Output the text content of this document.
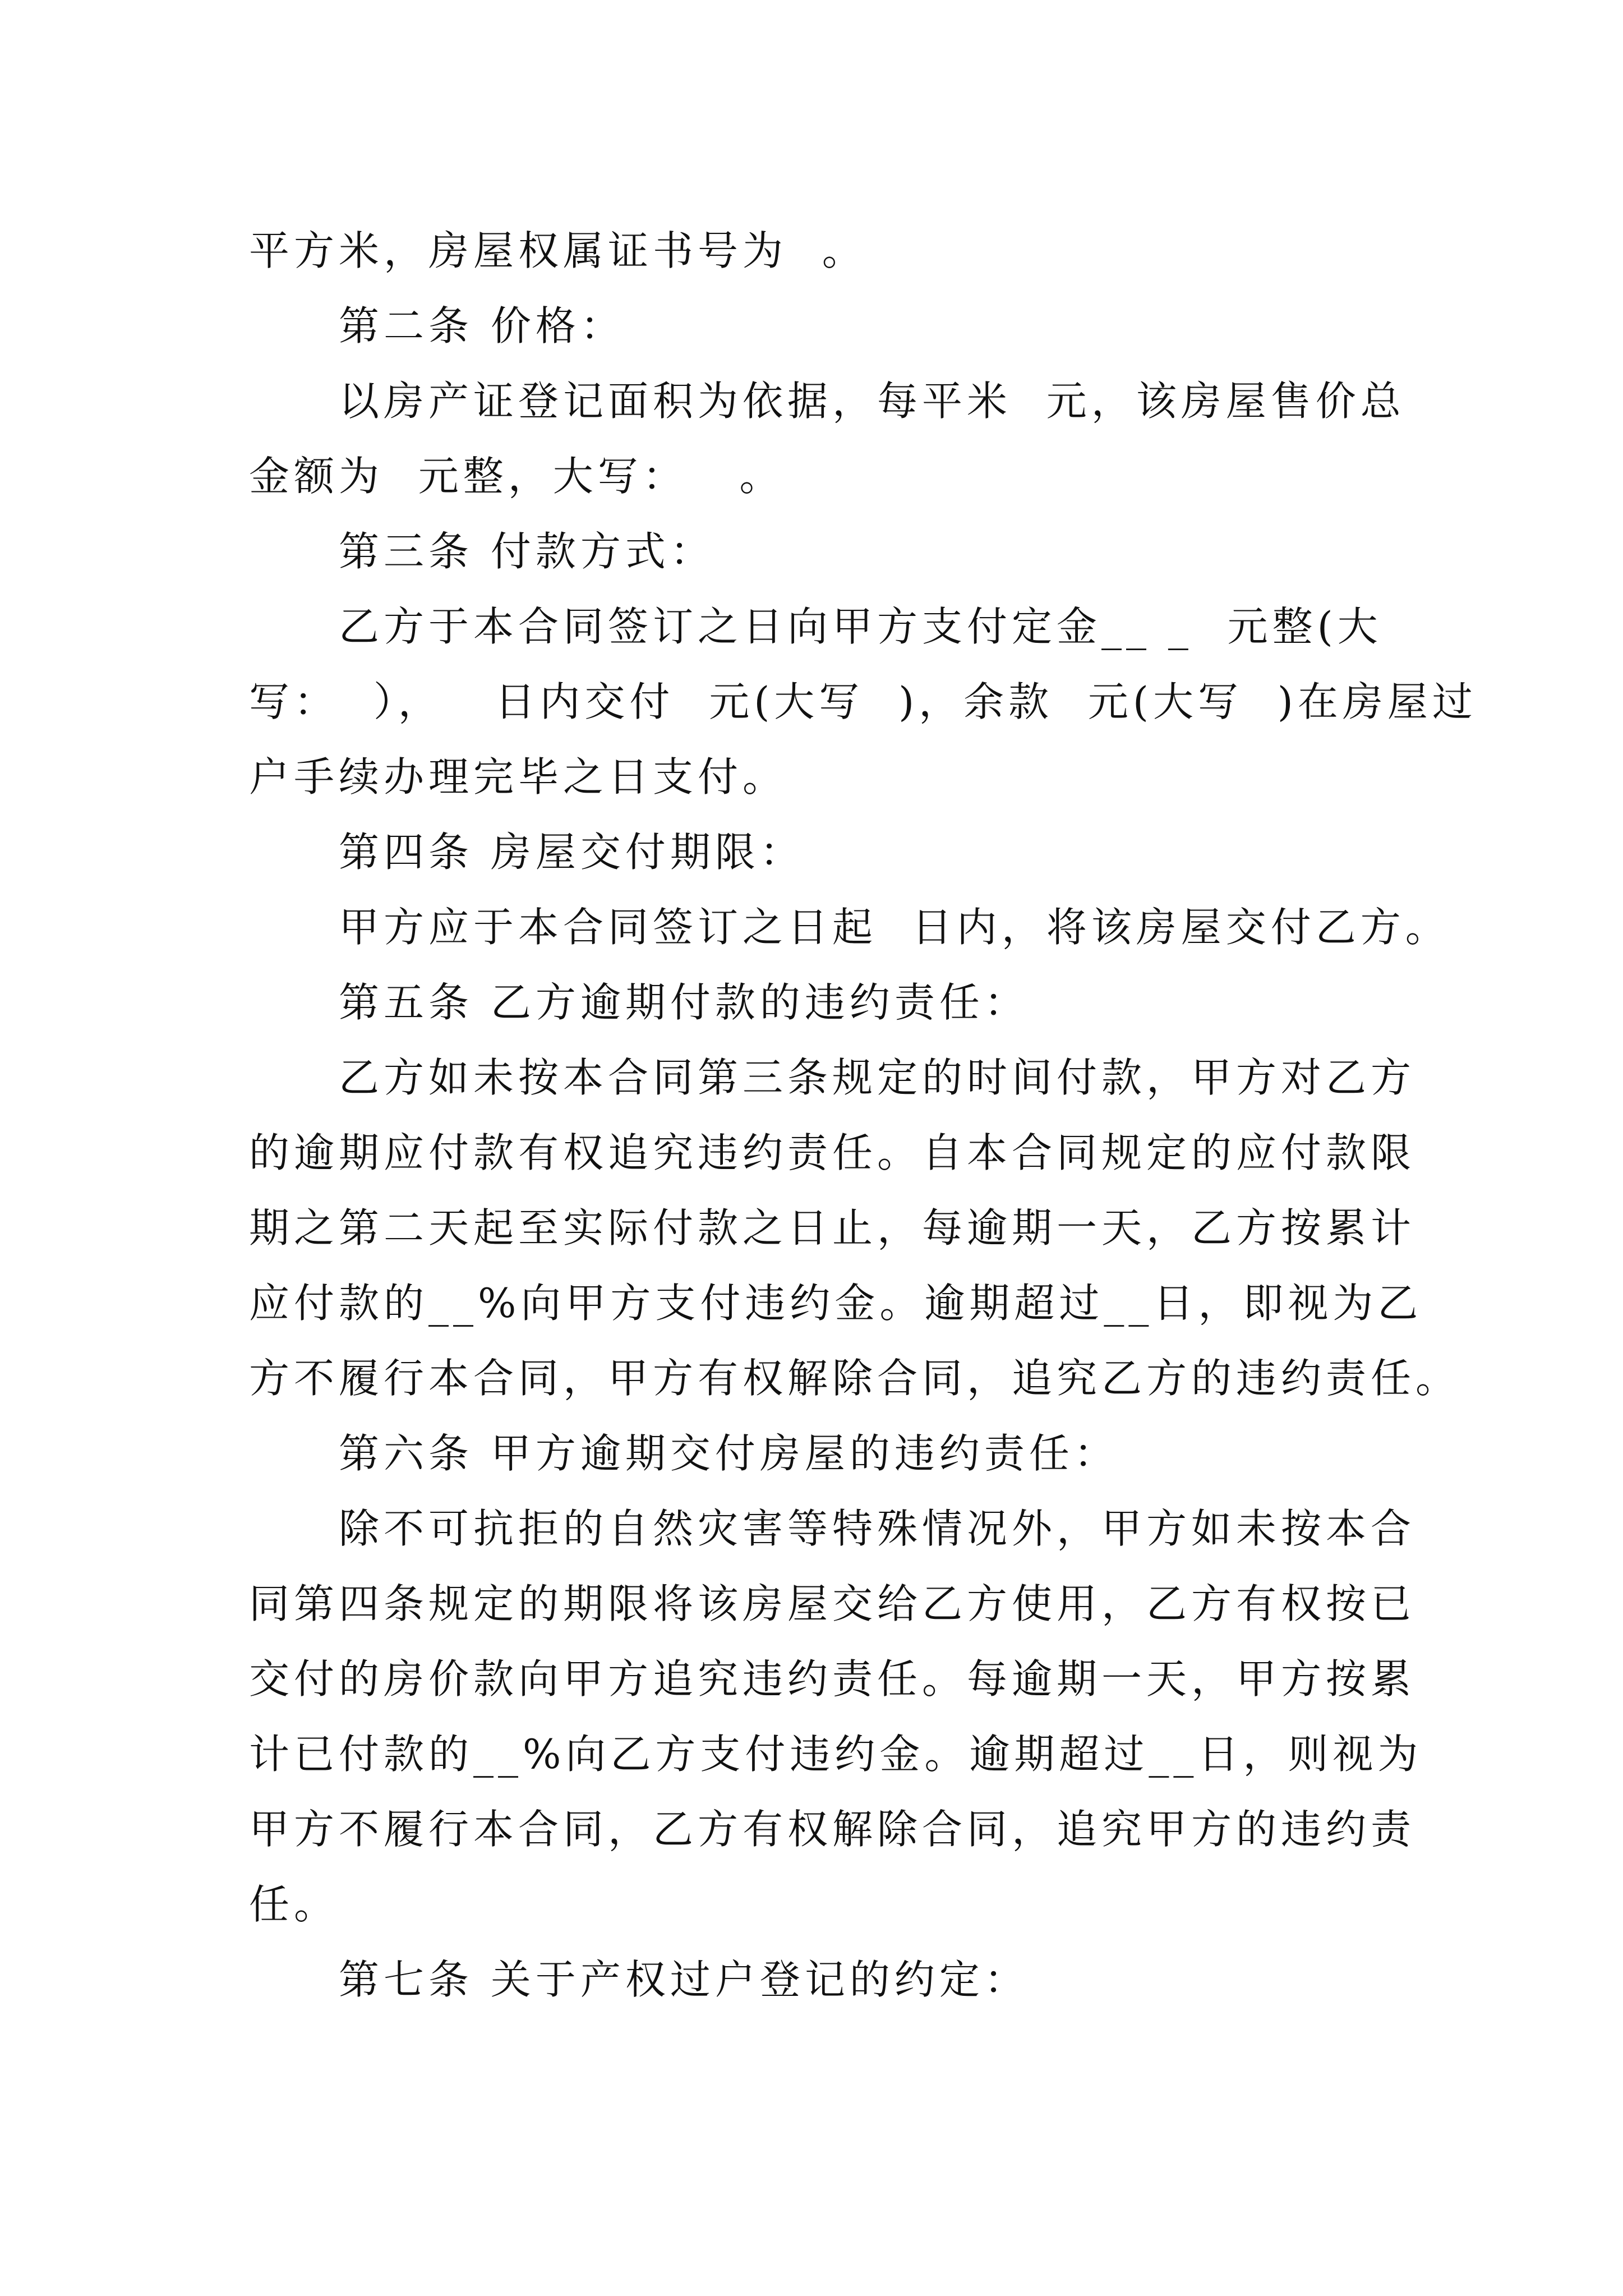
平方米，房屋权属证书号为  。
第二条 价格：
以房产证登记面积为依据，每平米  元，该房屋售价总
金额为  元整，大写：   。
第三条 付款方式：
乙方于本合同签订之日向甲方支付定金__ _  元整(大
写：  ），   日内交付  元(大写  )，余款  元(大写  )在房屋过
户手续办理完毕之日支付。
第四条 房屋交付期限：
甲方应于本合同签订之日起  日内，将该房屋交付乙方。
第五条 乙方逾期付款的违约责任：
乙方如未按本合同第三条规定的时间付款，甲方对乙方
的逾期应付款有权追究违约责任。自本合同规定的应付款限
期之第二天起至实际付款之日止，每逾期一天，乙方按累计
应付款的__%向甲方支付违约金。逾期超过__日，即视为乙
方不履行本合同，甲方有权解除合同，追究乙方的违约责任。
第六条 甲方逾期交付房屋的违约责任：
除不可抗拒的自然灾害等特殊情况外，甲方如未按本合
同第四条规定的期限将该房屋交给乙方使用，乙方有权按已
交付的房价款向甲方追究违约责任。每逾期一天，甲方按累
计已付款的__%向乙方支付违约金。逾期超过__日，则视为
甲方不履行本合同，乙方有权解除合同，追究甲方的违约责
任。
第七条 关于产权过户登记的约定：
